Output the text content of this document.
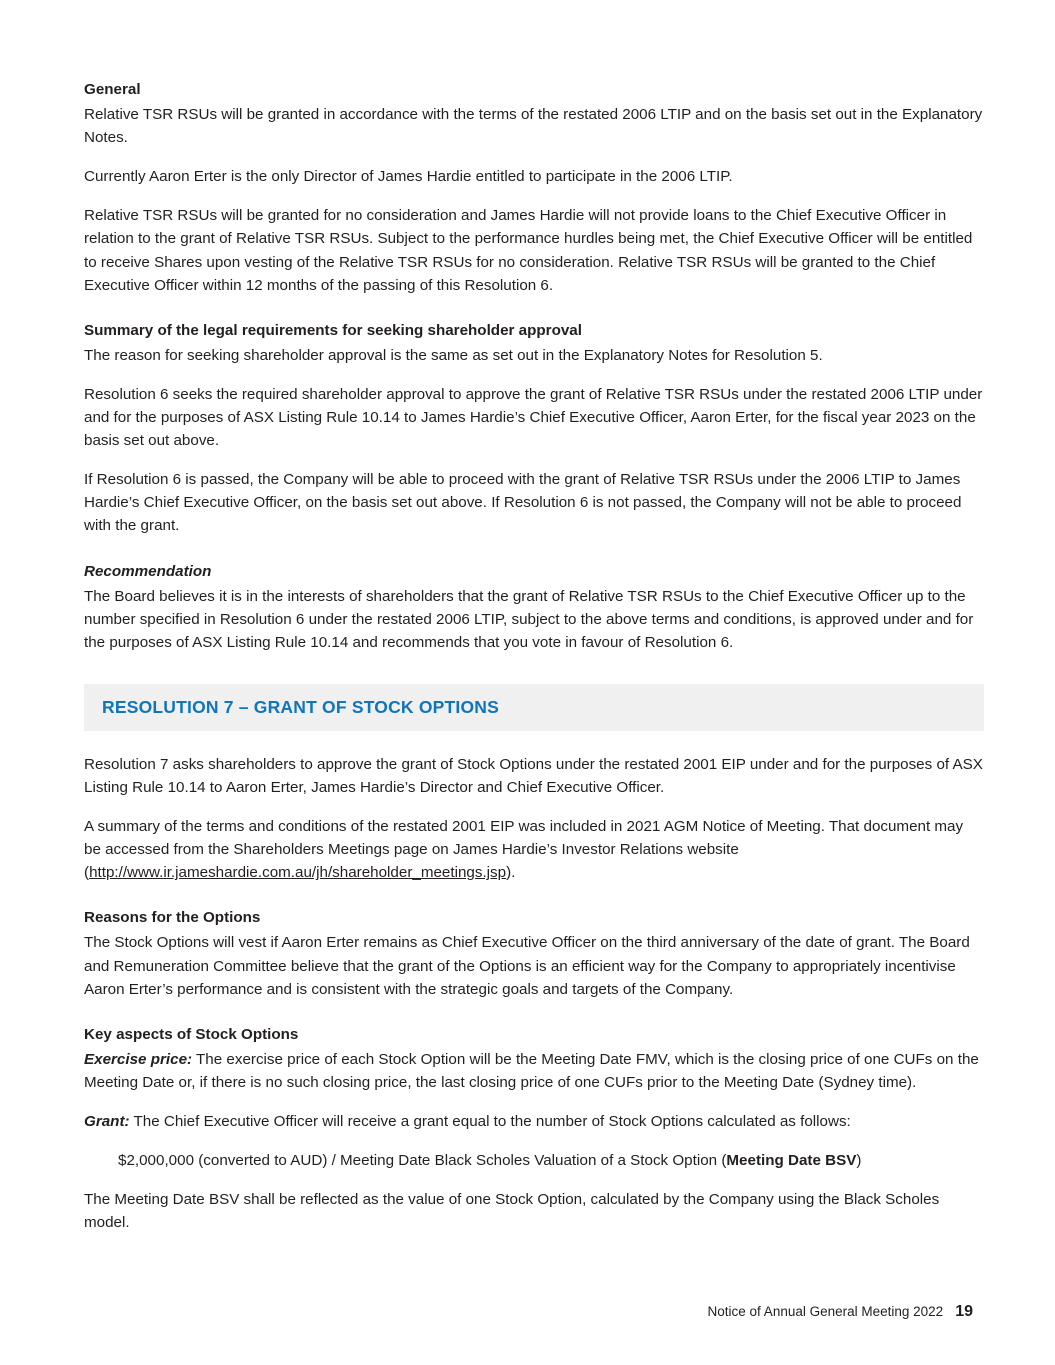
General

Relative TSR RSUs will be granted in accordance with the terms of the restated 2006 LTIP and on the basis set out in the Explanatory Notes.

Currently Aaron Erter is the only Director of James Hardie entitled to participate in the 2006 LTIP.

Relative TSR RSUs will be granted for no consideration and James Hardie will not provide loans to the Chief Executive Officer in relation to the grant of Relative TSR RSUs. Subject to the performance hurdles being met, the Chief Executive Officer will be entitled to receive Shares upon vesting of the Relative TSR RSUs for no consideration. Relative TSR RSUs will be granted to the Chief Executive Officer within 12 months of the passing of this Resolution 6.

Summary of the legal requirements for seeking shareholder approval

The reason for seeking shareholder approval is the same as set out in the Explanatory Notes for Resolution 5.

Resolution 6 seeks the required shareholder approval to approve the grant of Relative TSR RSUs under the restated 2006 LTIP under and for the purposes of ASX Listing Rule 10.14 to James Hardie’s Chief Executive Officer, Aaron Erter, for the fiscal year 2023 on the basis set out above.

If Resolution 6 is passed, the Company will be able to proceed with the grant of Relative TSR RSUs under the 2006 LTIP to James Hardie’s Chief Executive Officer, on the basis set out above. If Resolution 6 is not passed, the Company will not be able to proceed with the grant.

Recommendation

The Board believes it is in the interests of shareholders that the grant of Relative TSR RSUs to the Chief Executive Officer up to the number specified in Resolution 6 under the restated 2006 LTIP, subject to the above terms and conditions, is approved under and for the purposes of ASX Listing Rule 10.14 and recommends that you vote in favour of Resolution 6.

RESOLUTION 7 – GRANT OF STOCK OPTIONS

Resolution 7 asks shareholders to approve the grant of Stock Options under the restated 2001 EIP under and for the purposes of ASX Listing Rule 10.14 to Aaron Erter, James Hardie’s Director and Chief Executive Officer.

A summary of the terms and conditions of the restated 2001 EIP was included in 2021 AGM Notice of Meeting. That document may be accessed from the Shareholders Meetings page on James Hardie’s Investor Relations website (http://www.ir.jameshardie.com.au/jh/shareholder_meetings.jsp).

Reasons for the Options

The Stock Options will vest if Aaron Erter remains as Chief Executive Officer on the third anniversary of the date of grant. The Board and Remuneration Committee believe that the grant of the Options is an efficient way for the Company to appropriately incentivise Aaron Erter’s performance and is consistent with the strategic goals and targets of the Company.

Key aspects of Stock Options

Exercise price: The exercise price of each Stock Option will be the Meeting Date FMV, which is the closing price of one CUFs on the Meeting Date or, if there is no such closing price, the last closing price of one CUFs prior to the Meeting Date (Sydney time).

Grant: The Chief Executive Officer will receive a grant equal to the number of Stock Options calculated as follows:

$2,000,000 (converted to AUD) / Meeting Date Black Scholes Valuation of a Stock Option (Meeting Date BSV)

The Meeting Date BSV shall be reflected as the value of one Stock Option, calculated by the Company using the Black Scholes model.

Notice of Annual General Meeting 2022 19
